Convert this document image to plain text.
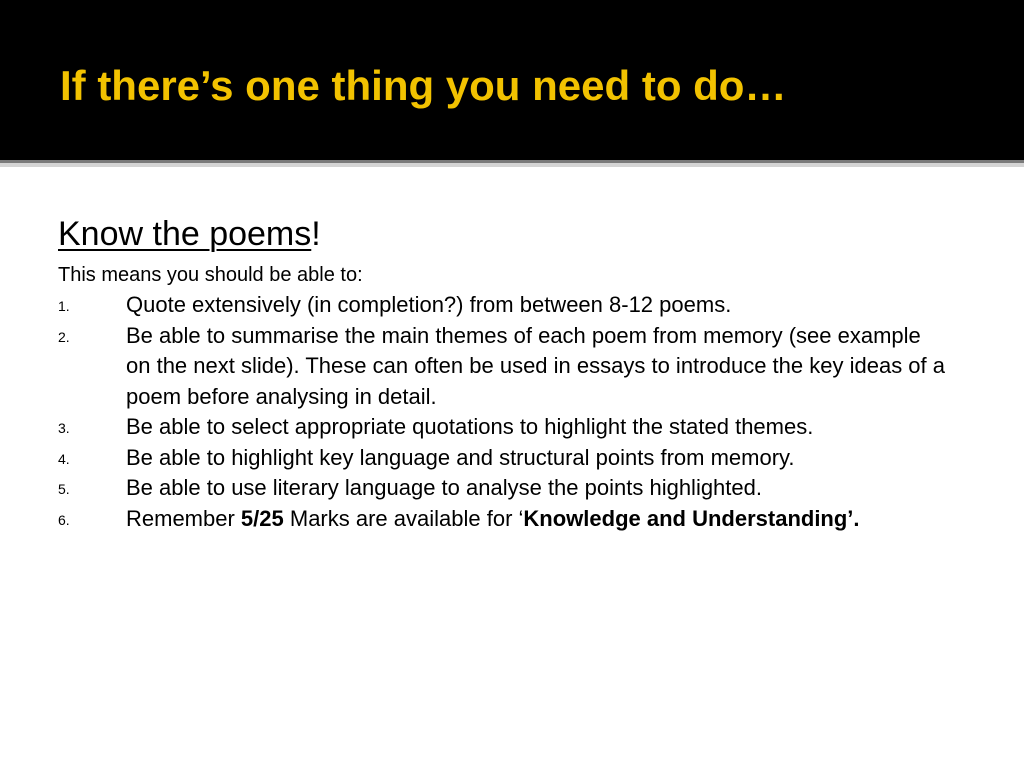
If there’s one thing you need to do…

Know the poems!

This means you should be able to:

1.	Quote extensively (in completion?) from between 8-12 poems.
2.	Be able to summarise the main themes of each poem from memory (see example on the next slide). These can often be used in essays to introduce the key ideas of a poem before analysing in detail.
3.	Be able to select appropriate quotations to highlight the stated themes.
4.	Be able to highlight key language and structural points from memory.
5.	Be able to use literary language to analyse the points highlighted.
6.	Remember 5/25 Marks are available for ‘Knowledge and Understanding’.
